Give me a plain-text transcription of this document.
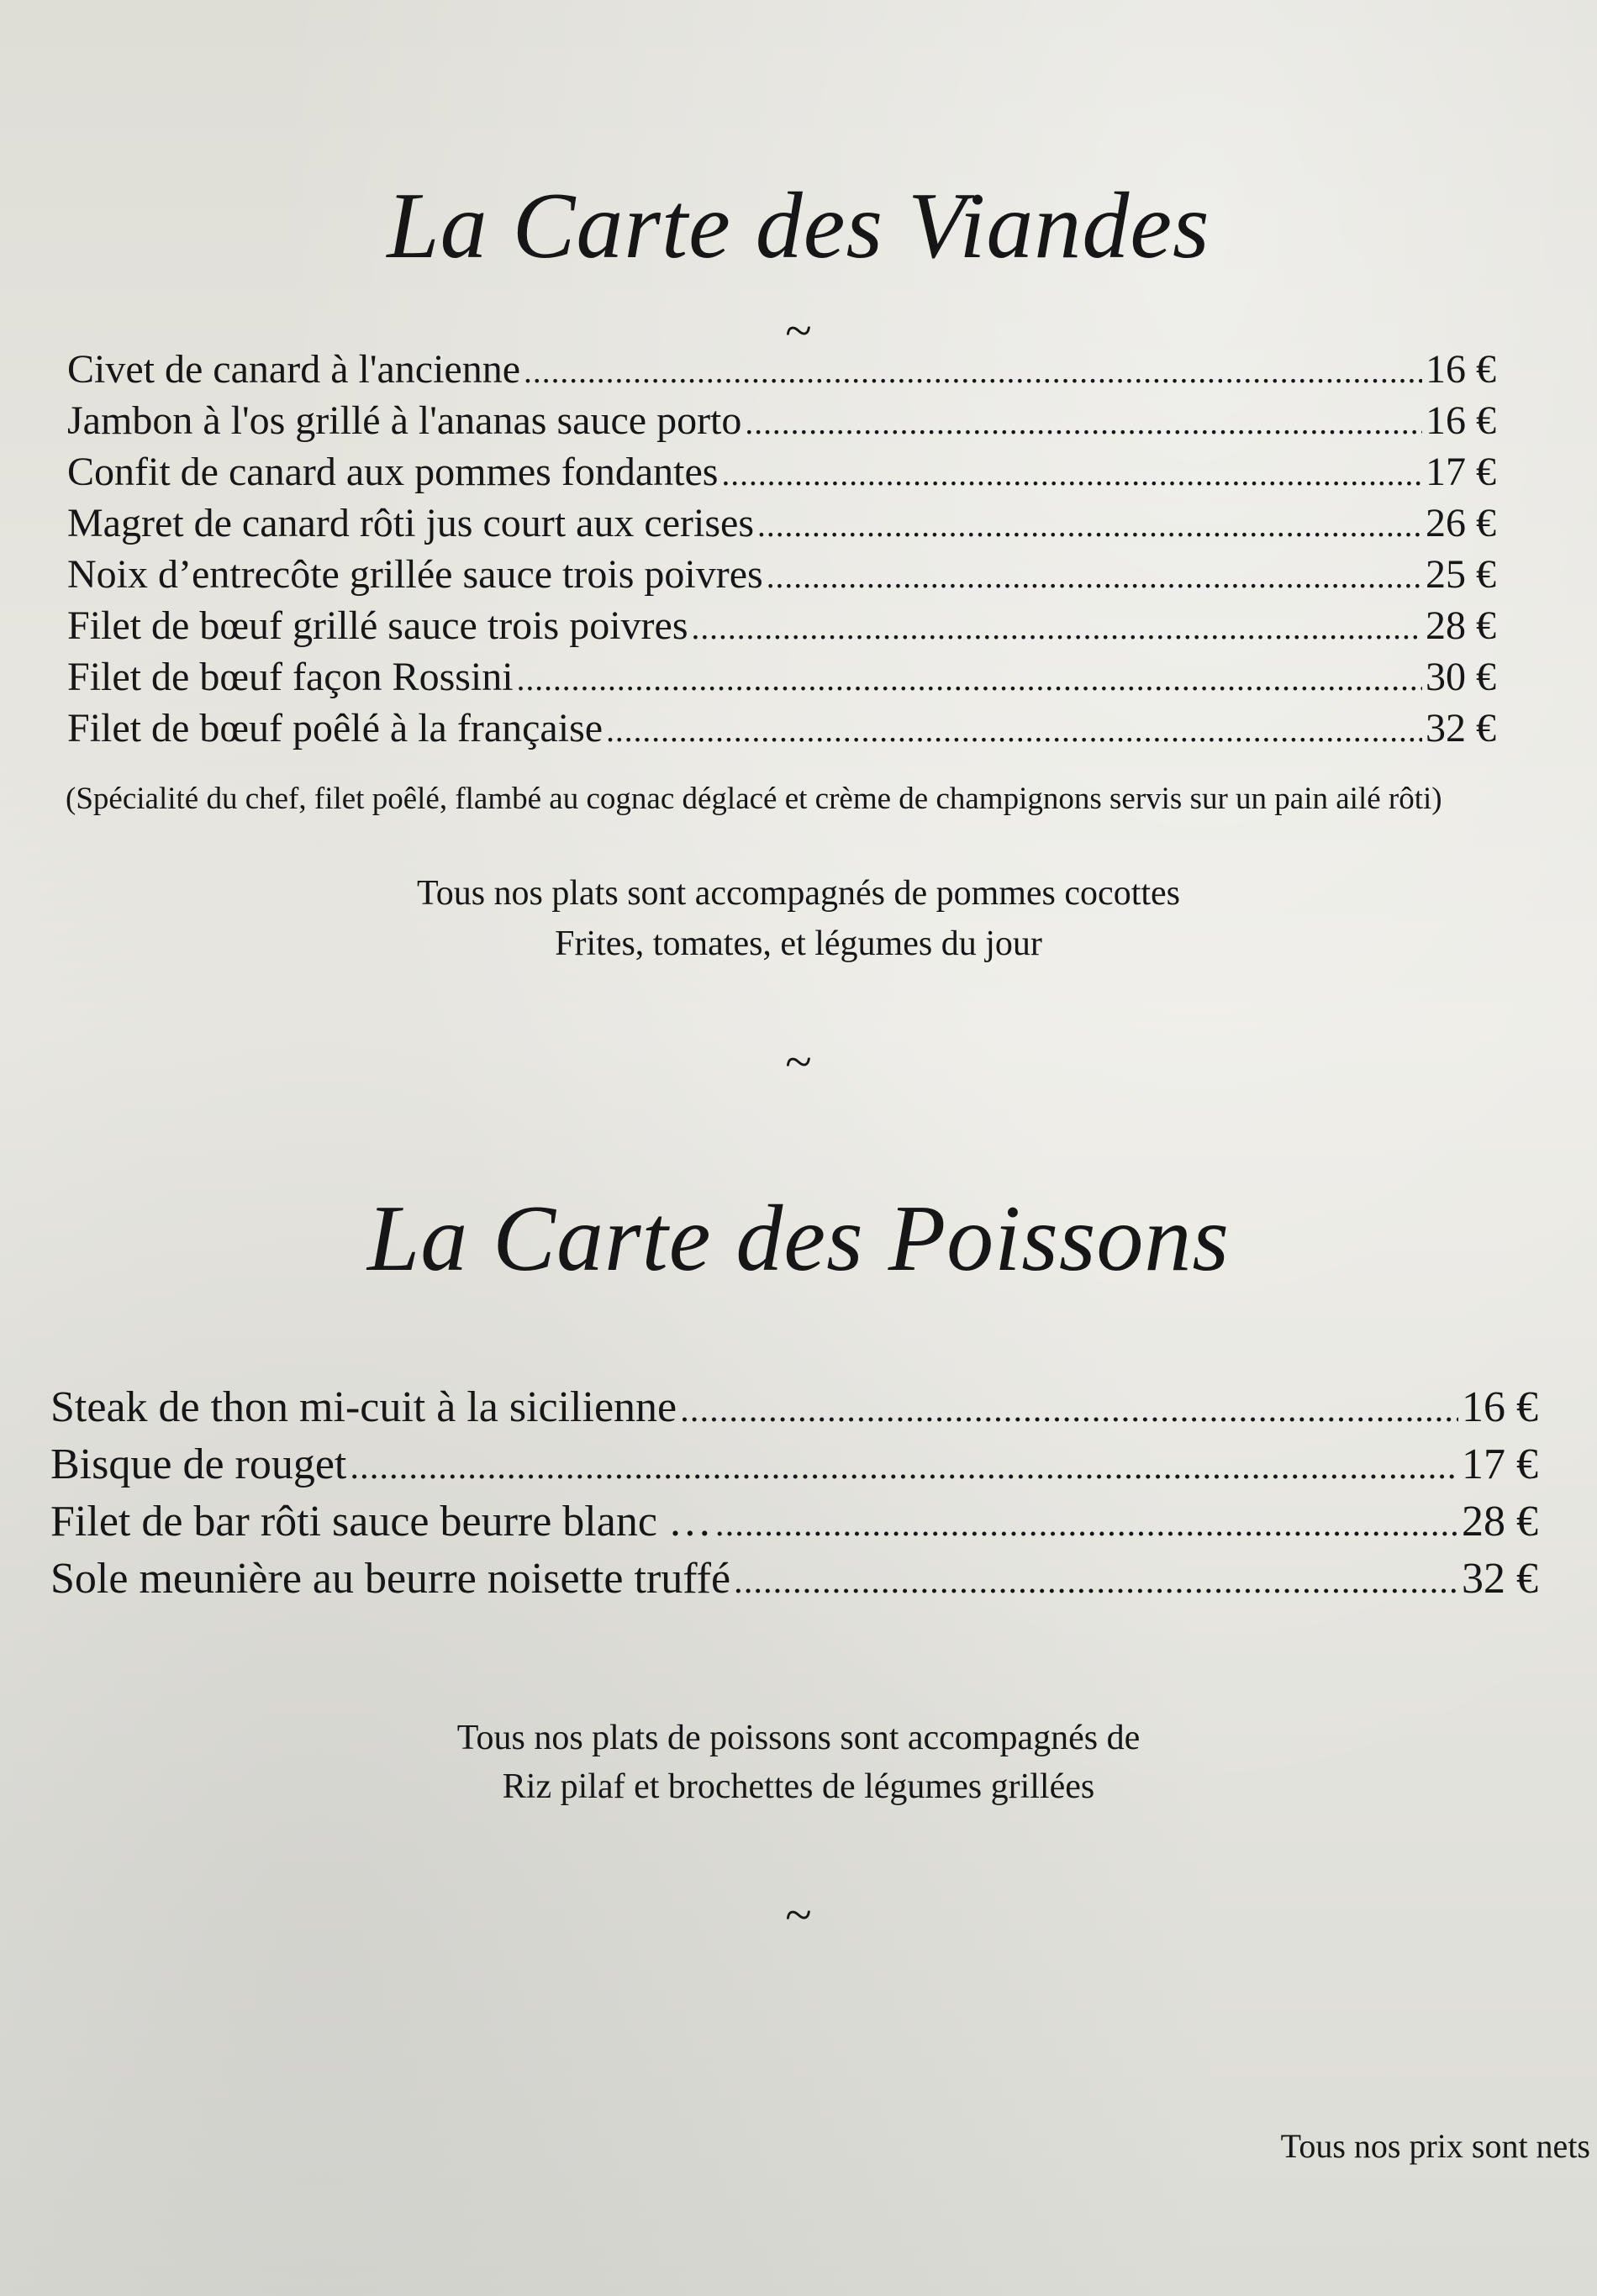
La Carte des Viandes
~
Civet de canard à l'ancienne .....	16 €
Jambon à l'os grillé à l'ananas sauce porto .....	16 €
Confit de canard aux pommes fondantes .....	17 €
Magret de canard rôti jus court aux cerises .....	26 €
Noix d’entrecôte grillée sauce trois poivres .....	25 €
Filet de bœuf grillé sauce trois poivres .....	28 €
Filet de bœuf façon Rossini .....	30 €
Filet de bœuf poêlé à la française .....	32 €
(Spécialité du chef, filet poêlé, flambé au cognac déglacé et crème de champignons servis sur un pain ailé rôti)
Tous nos plats sont accompagnés de pommes cocottes
Frites, tomates, et légumes du jour
~
La Carte des Poissons
Steak de thon mi-cuit à la sicilienne .....	16 €
Bisque de rouget .....	17 €
Filet de bar rôti sauce beurre blanc … .....	28 €
Sole meunière au beurre noisette truffé .....	32 €
Tous nos plats de poissons sont accompagnés de
Riz pilaf et brochettes de légumes grillées
~
Tous nos prix sont nets
